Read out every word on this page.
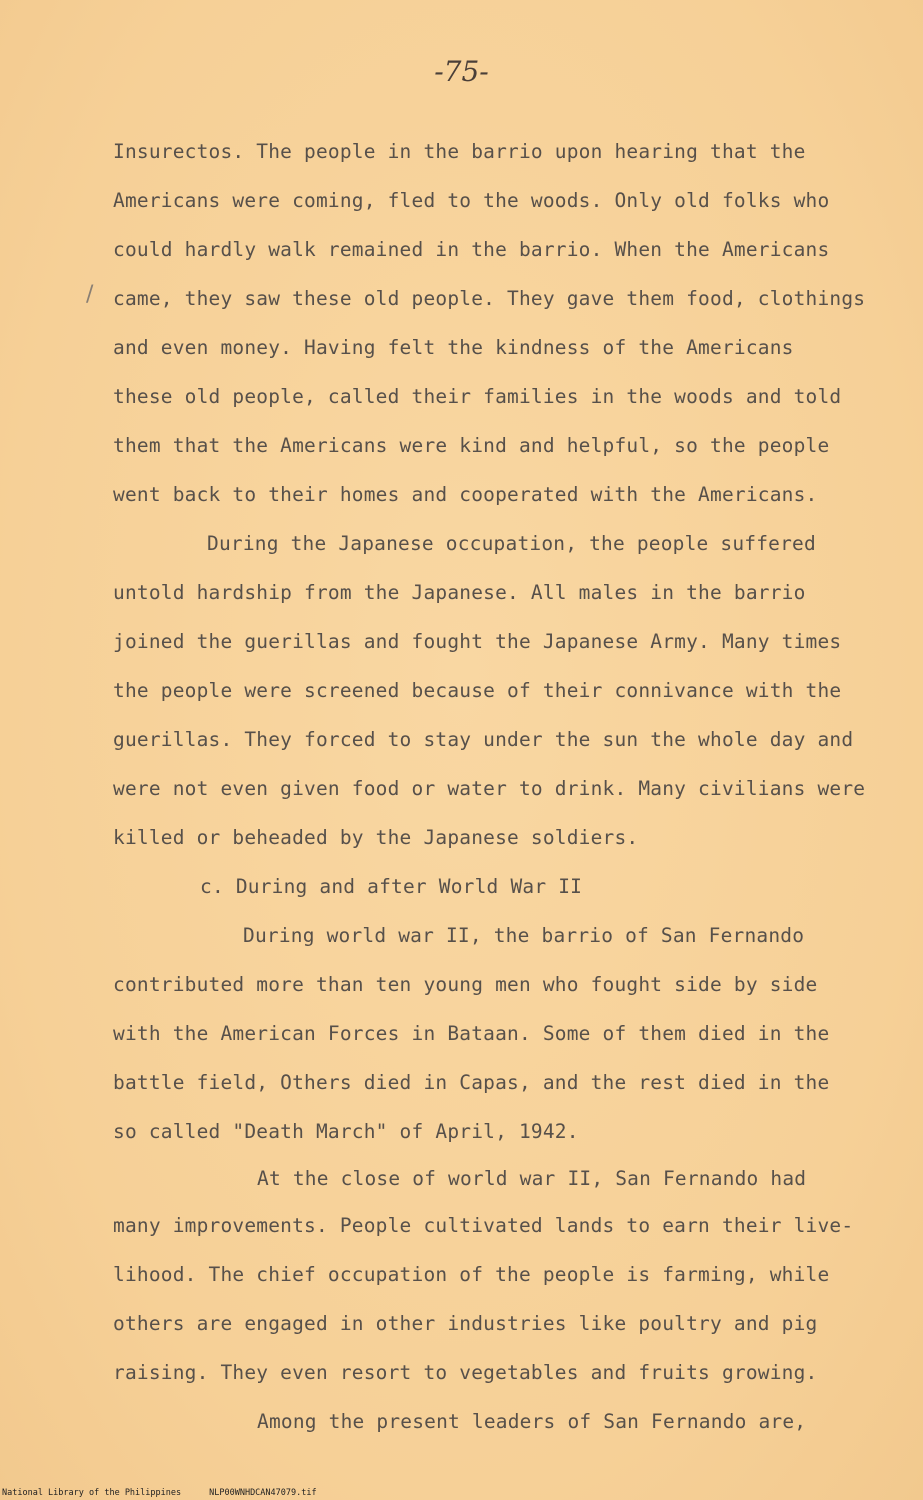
-75-
/
Insurectos. The people in the barrio upon hearing that the
Americans were coming, fled to the woods. Only old folks who
could hardly walk remained in the barrio. When the Americans
came, they saw these old people. They gave them food, clothings
and even money. Having felt the kindness of the Americans
these old people, called their families in the woods and told
them that the Americans were kind and helpful, so the people
went back to their homes and cooperated with the Americans.
During the Japanese occupation, the people suffered
untold hardship from the Japanese. All males in the barrio
joined the guerillas and fought the Japanese Army. Many times
the people were screened because of their connivance with the
guerillas. They forced to stay under the sun the whole day and
were not even given food or water to drink. Many civilians were
killed or beheaded by the Japanese soldiers.
c. During and after World War II
During world war II, the barrio of San Fernando
contributed more than ten young men who fought side by side
with the American Forces in Bataan. Some of them died in the
battle field, Others died in Capas, and the rest died in the
so called "Death March" of April, 1942.
At the close of world war II, San Fernando had
many improvements. People cultivated lands to earn their live-
lihood. The chief occupation of the people is farming, while
others are engaged in other industries like poultry and pig
raising. They even resort to vegetables and fruits growing.
Among the present leaders of San Fernando are,
National Library of the Philippines	NLP00WNHDCAN47079.tif
